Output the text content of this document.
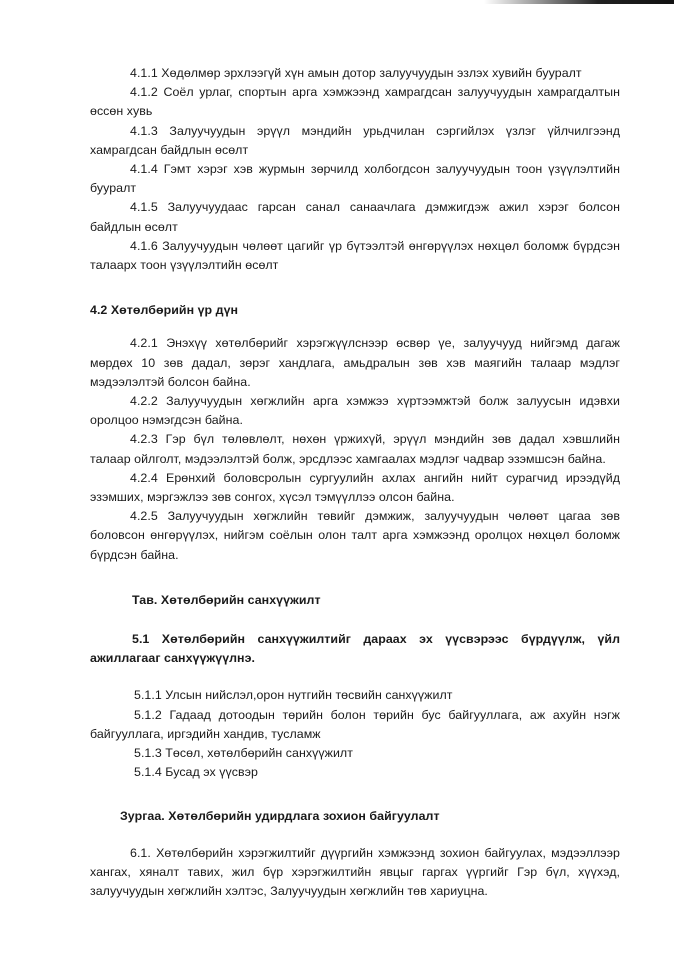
4.1.1 Хөдөлмөр эрхлээгүй хүн амын дотор залуучуудын эзлэх хувийн бууралт

4.1.2 Соёл урлаг, спортын арга хэмжээнд хамрагдсан залуучуудын хамрагдалтын өссөн хувь

4.1.3 Залуучуудын эрүүл мэндийн урьдчилан сэргийлэх үзлэг үйлчилгээнд хамрагдсан байдлын өсөлт

4.1.4 Гэмт хэрэг хэв журмын зөрчилд холбогдсон залуучуудын тоон үзүүлэлтийн бууралт

4.1.5 Залуучуудаас гарсан санал санаачлага дэмжигдэж ажил хэрэг болсон байдлын өсөлт

4.1.6 Залуучуудын чөлөөт цагийг үр бүтээлтэй өнгөрүүлэх нөхцөл боломж бүрдсэн талаарх тоон үзүүлэлтийн өсөлт

4.2 Хөтөлбөрийн үр дүн

4.2.1 Энэхүү хөтөлбөрийг хэрэгжүүлснээр өсвөр үе, залуучууд нийгэмд дагаж мөрдөх 10 зөв дадал, зөрэг хандлага, амьдралын зөв хэв маягийн талаар мэдлэг мэдээлэлтэй болсон байна.

4.2.2 Залуучуудын хөгжлийн арга хэмжээ хүртээмжтэй болж залуусын идэвхи оролцоо нэмэгдсэн байна.

4.2.3 Гэр бүл төлөвлөлт, нөхөн үржихүй, эрүүл мэндийн зөв дадал хэвшлийн талаар ойлголт, мэдээлэлтэй болж, эрсдлээс хамгаалах мэдлэг чадвар эзэмшсэн байна.

4.2.4 Ерөнхий боловсролын сургуулийн ахлах ангийн нийт сурагчид ирээдүйд эзэмших, мэргэжлээ зөв сонгох, хүсэл тэмүүллээ олсон байна.

4.2.5 Залуучуудын хөгжлийн төвийг дэмжиж, залуучуудын чөлөөт цагаа зөв боловсон өнгөрүүлэх, нийгэм соёлын олон талт арга хэмжээнд оролцох нөхцөл боломж бүрдсэн байна.

Тав. Хөтөлбөрийн санхүүжилт

5.1 Хөтөлбөрийн санхүүжилтийг дараах эх үүсвэрээс бүрдүүлж, үйл ажиллагааг санхүүжүүлнэ.

5.1.1 Улсын нийслэл,орон нутгийн төсвийн санхүүжилт

5.1.2 Гадаад дотоодын төрийн болон төрийн бус байгууллага, аж ахуйн нэгж байгууллага, иргэдийн хандив, тусламж

5.1.3 Төсөл, хөтөлбөрийн санхүүжилт

5.1.4 Бусад эх үүсвэр

Зургаа. Хөтөлбөрийн удирдлага зохион байгуулалт

6.1. Хөтөлбөрийн хэрэгжилтийг дүүргийн хэмжээнд зохион байгуулах, мэдээллээр хангах, хяналт тавих, жил бүр хэрэгжилтийн явцыг гаргах үүргийг Гэр бүл, хүүхэд, залуучуудын хөгжлийн хэлтэс, Залуучуудын хөгжлийн төв хариуцна.
